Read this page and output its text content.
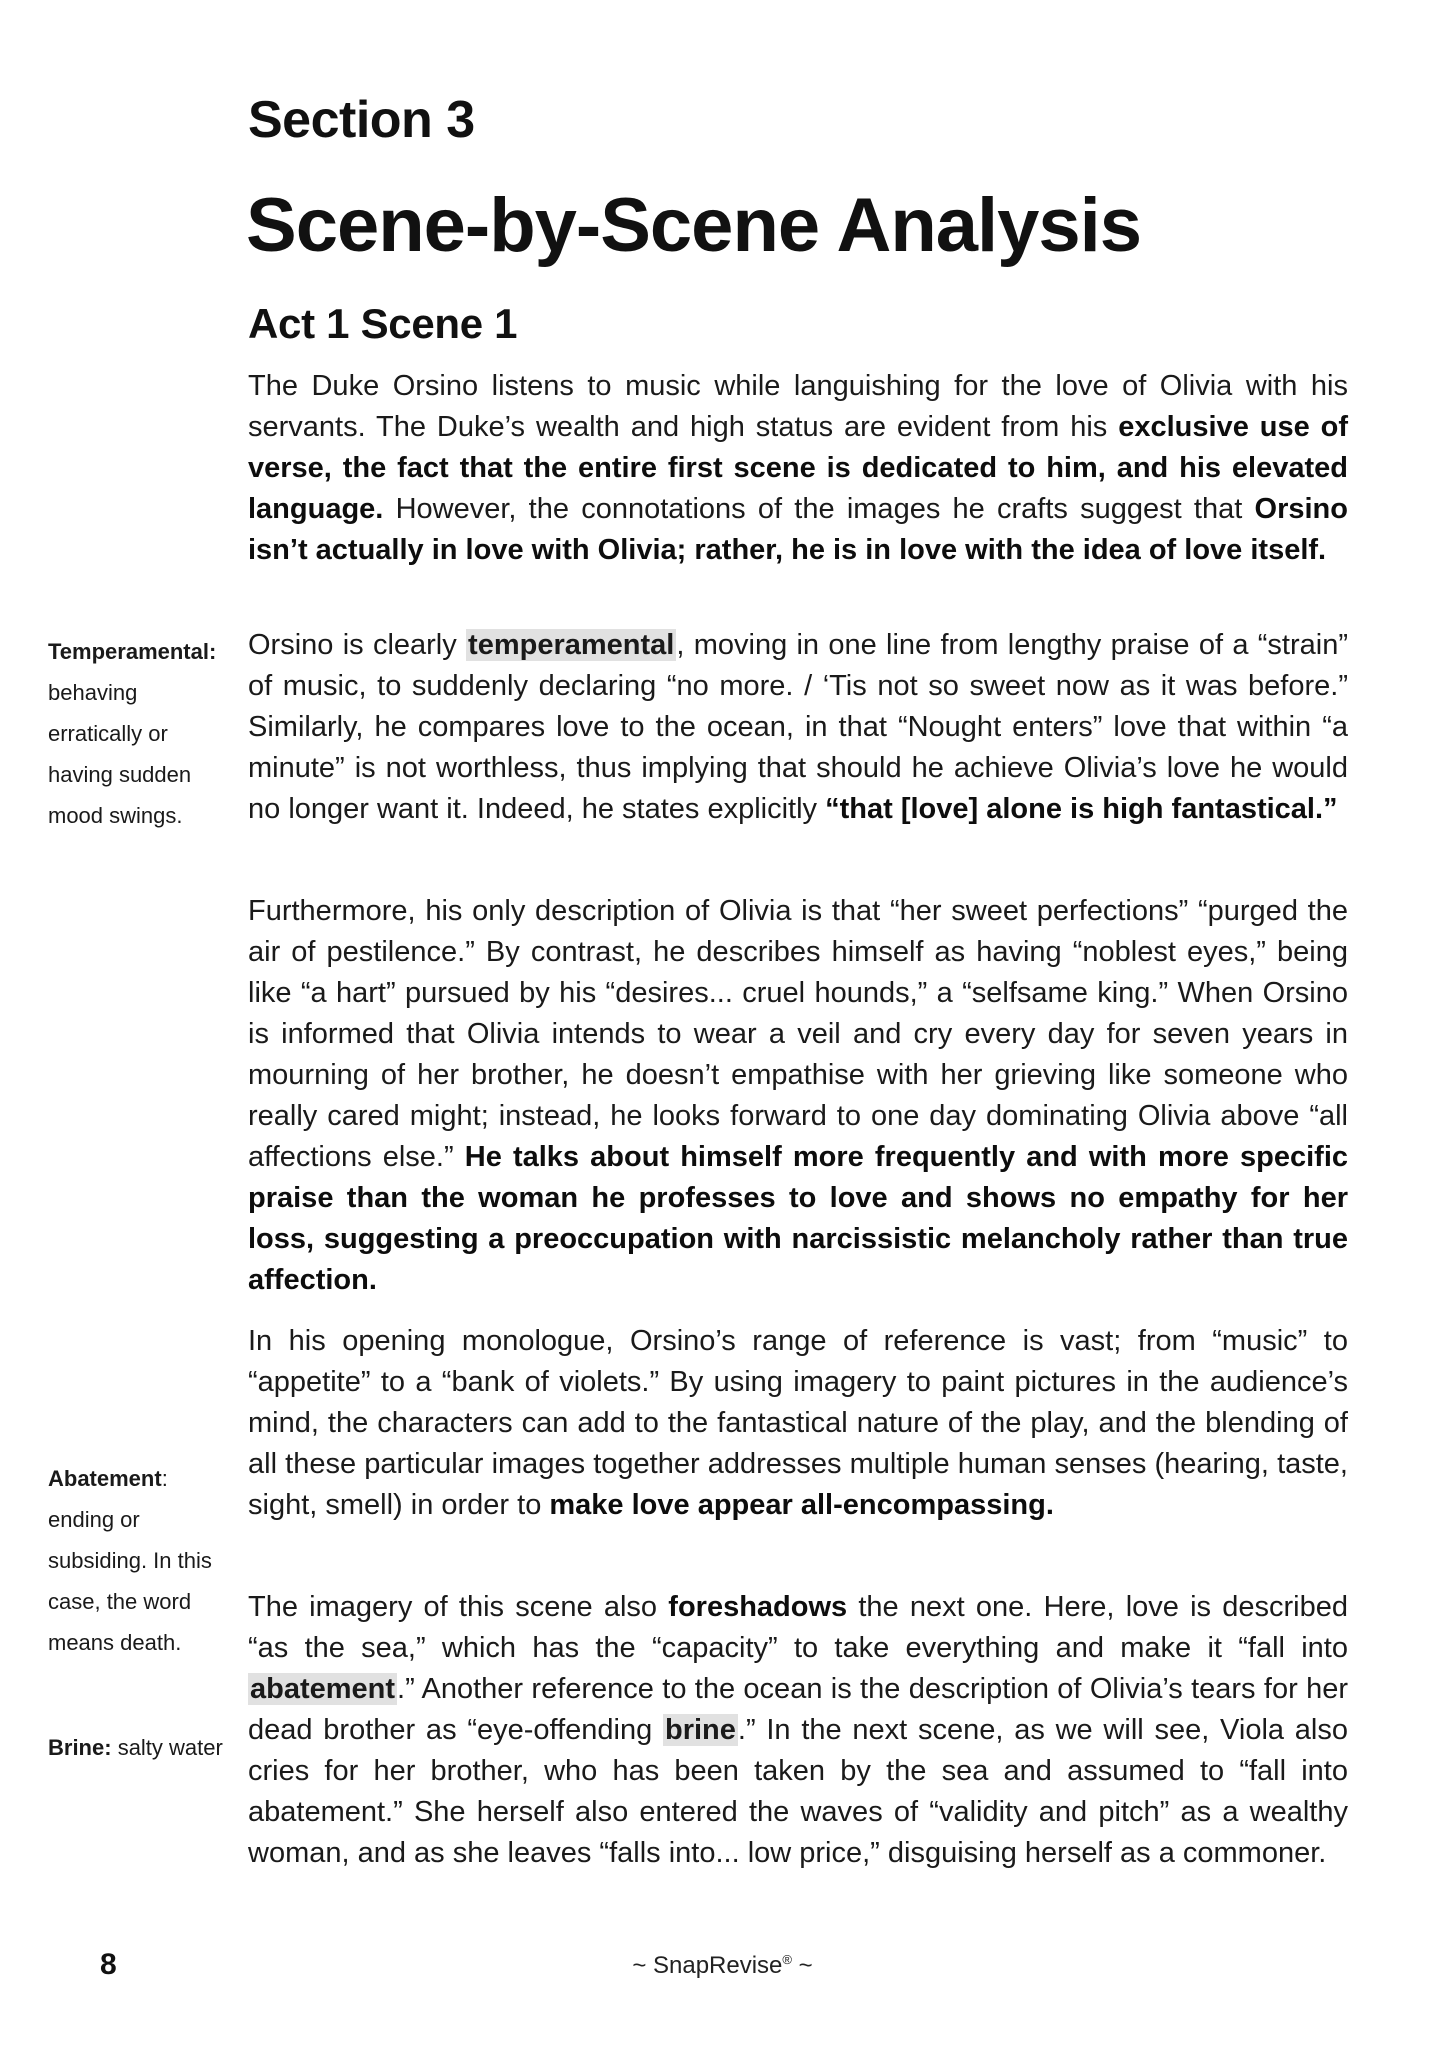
Section 3
Scene-by-Scene Analysis
Act 1 Scene 1

The Duke Orsino listens to music while languishing for the love of Olivia with his servants. The Duke’s wealth and high status are evident from his exclusive use of verse, the fact that the entire first scene is dedicated to him, and his elevated language. However, the connotations of the images he crafts suggest that Orsino isn’t actually in love with Olivia; rather, he is in love with the idea of love itself.

Orsino is clearly temperamental, moving in one line from lengthy praise of a “strain” of music, to suddenly declaring “no more. / ‘Tis not so sweet now as it was before.” Similarly, he compares love to the ocean, in that “Nought enters” love that within “a minute” is not worthless, thus implying that should he achieve Olivia’s love he would no longer want it. Indeed, he states explicitly “that [love] alone is high fantastical.”

Furthermore, his only description of Olivia is that “her sweet perfections” “purged the air of pestilence.” By contrast, he describes himself as having “noblest eyes,” being like “a hart” pursued by his “desires... cruel hounds,” a “selfsame king.” When Orsino is informed that Olivia intends to wear a veil and cry every day for seven years in mourning of her brother, he doesn’t empathise with her grieving like someone who really cared might; instead, he looks forward to one day dominating Olivia above “all affections else.” He talks about himself more frequently and with more specific praise than the woman he professes to love and shows no empathy for her loss, suggesting a preoccupation with narcissistic melancholy rather than true affection.

In his opening monologue, Orsino’s range of reference is vast; from “music” to “appetite” to a “bank of violets.” By using imagery to paint pictures in the audience’s mind, the characters can add to the fantastical nature of the play, and the blending of all these particular images together addresses multiple human senses (hearing, taste, sight, smell) in order to make love appear all-encompassing.

The imagery of this scene also foreshadows the next one. Here, love is described “as the sea,” which has the “capacity” to take everything and make it “fall into abatement.” Another reference to the ocean is the description of Olivia’s tears for her dead brother as “eye-offending brine.” In the next scene, as we will see, Viola also cries for her brother, who has been taken by the sea and assumed to “fall into abatement.” She herself also entered the waves of “validity and pitch” as a wealthy woman, and as she leaves “falls into... low price,” disguising herself as a commoner.

Temperamental:
behaving erratically or having sudden mood swings.

Abatement:
ending or subsiding. In this case, the word means death.

Brine: salty water

8	~ SnapRevise® ~
